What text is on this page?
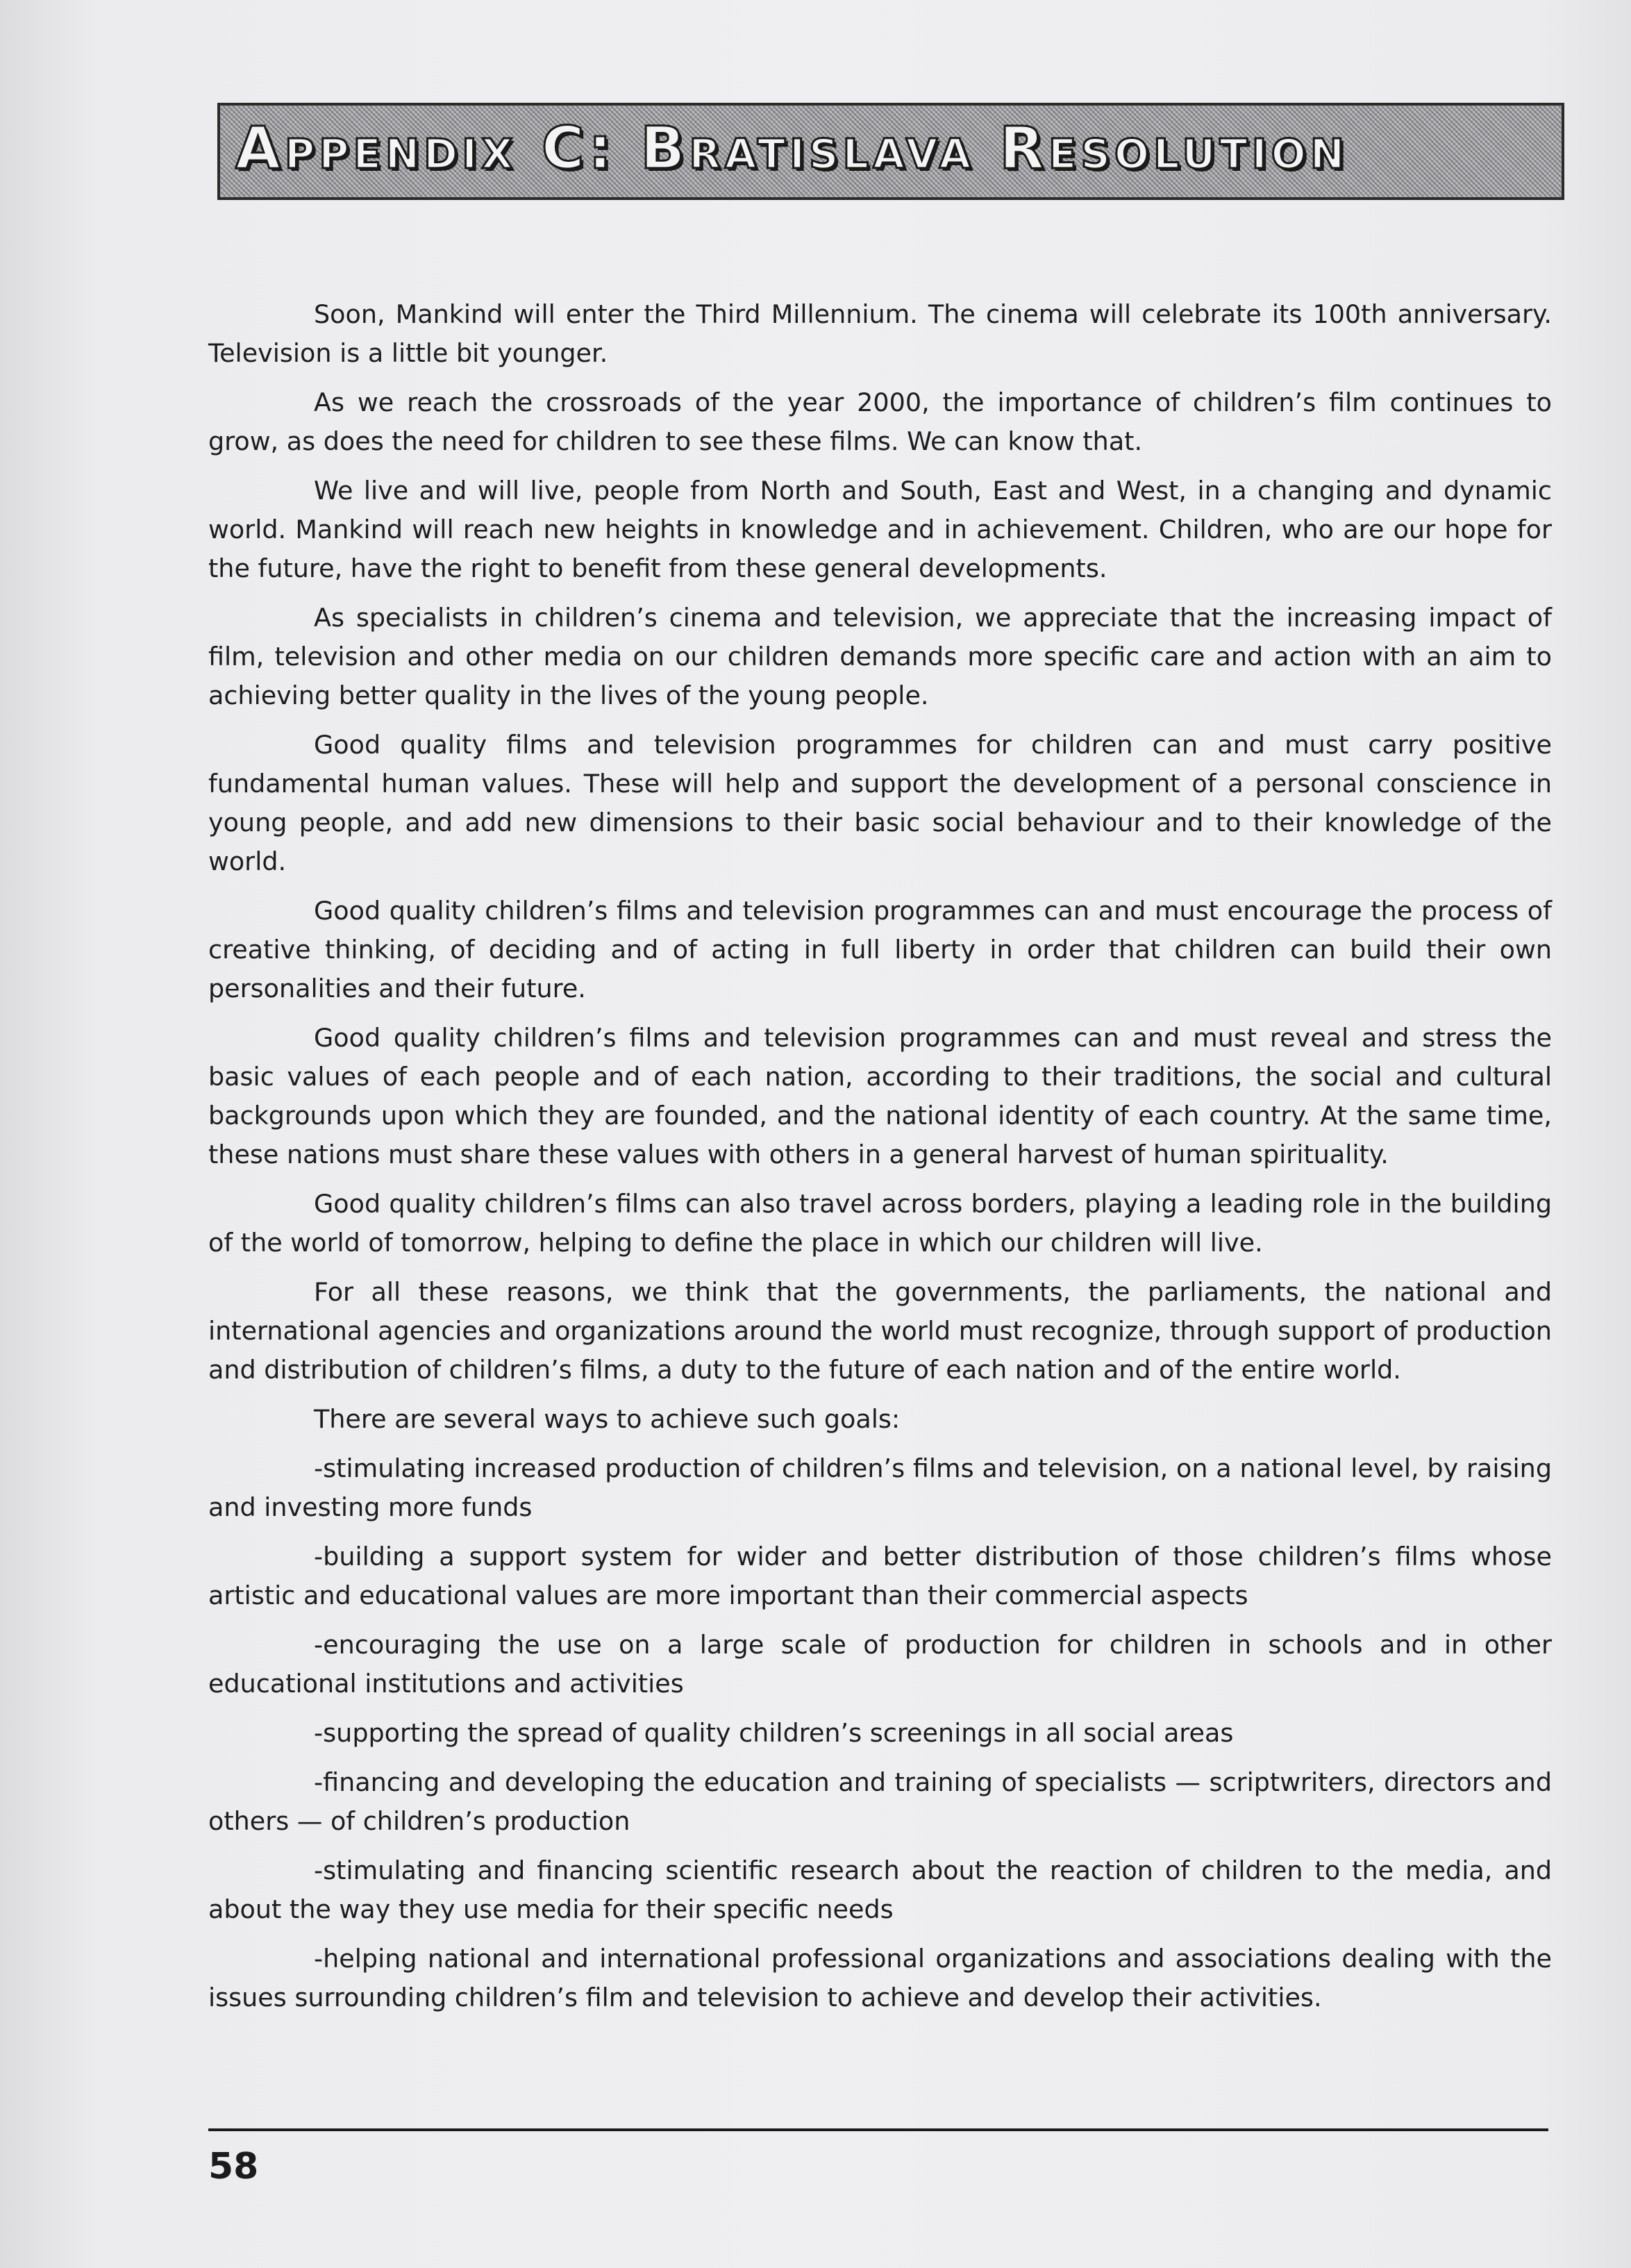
Appendix C: Bratislava Resolution

Soon, Mankind will enter the Third Millennium. The cinema will celebrate its 100th anniversary. Television is a little bit younger.

As we reach the crossroads of the year 2000, the importance of children’s film continues to grow, as does the need for children to see these films. We can know that.

We live and will live, people from North and South, East and West, in a changing and dynamic world. Mankind will reach new heights in knowledge and in achievement. Children, who are our hope for the future, have the right to benefit from these general developments.

As specialists in children’s cinema and television, we appreciate that the increasing impact of film, television and other media on our children demands more specific care and action with an aim to achieving better quality in the lives of the young people.

Good quality films and television programmes for children can and must carry positive fundamental human values. These will help and support the development of a personal conscience in young people, and add new dimensions to their basic social behaviour and to their knowledge of the world.

Good quality children’s films and television programmes can and must encourage the process of creative thinking, of deciding and of acting in full liberty in order that children can build their own personalities and their future.

Good quality children’s films and television programmes can and must reveal and stress the basic values of each people and of each nation, according to their traditions, the social and cultural backgrounds upon which they are founded, and the national identity of each country. At the same time, these nations must share these values with others in a general harvest of human spirituality.

Good quality children’s films can also travel across borders, playing a leading role in the building of the world of tomorrow, helping to define the place in which our children will live.

For all these reasons, we think that the governments, the parliaments, the national and international agencies and organizations around the world must recognize, through support of production and distribution of children’s films, a duty to the future of each nation and of the entire world.

There are several ways to achieve such goals:

-stimulating increased production of children’s films and television, on a national level, by raising and investing more funds

-building a support system for wider and better distribution of those children’s films whose artistic and educational values are more important than their commercial aspects

-encouraging the use on a large scale of production for children in schools and in other educational institutions and activities

-supporting the spread of quality children’s screenings in all social areas

-financing and developing the education and training of specialists — scriptwriters, directors and others — of children’s production

-stimulating and financing scientific research about the reaction of children to the media, and about the way they use media for their specific needs

-helping national and international professional organizations and associations dealing with the issues surrounding children’s film and television to achieve and develop their activities.

58
